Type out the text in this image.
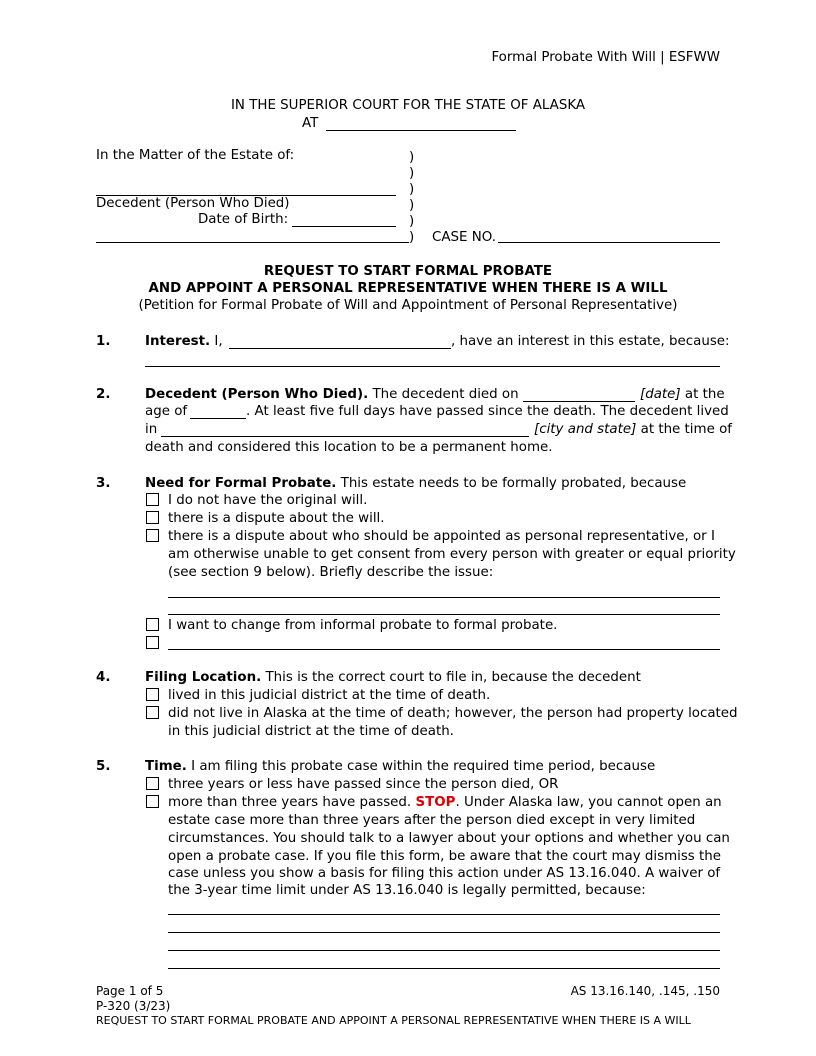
Formal Probate With Will | ESFWW
IN THE SUPERIOR COURT FOR THE STATE OF ALASKA
AT
In the Matter of the Estate of:	)
)
)
Decedent (Person Who Died)	)
Date of Birth:	)
) CASE NO.
REQUEST TO START FORMAL PROBATE
AND APPOINT A PERSONAL REPRESENTATIVE WHEN THERE IS A WILL
(Petition for Formal Probate of Will and Appointment of Personal Representative)
1.	Interest. I,	, have an interest in this estate, because:
2.	Decedent (Person Who Died). The decedent died on	[date] at the
age of	. At least five full days have passed since the death. The decedent lived
in	[city and state] at the time of
death and considered this location to be a permanent home.
3.	Need for Formal Probate. This estate needs to be formally probated, because
I do not have the original will.
there is a dispute about the will.
there is a dispute about who should be appointed as personal representative, or I
am otherwise unable to get consent from every person with greater or equal priority
(see section 9 below). Briefly describe the issue:
I want to change from informal probate to formal probate.
4.	Filing Location. This is the correct court to file in, because the decedent
lived in this judicial district at the time of death.
did not live in Alaska at the time of death; however, the person had property located
in this judicial district at the time of death.
5.	Time. I am filing this probate case within the required time period, because
three years or less have passed since the person died, OR
more than three years have passed. STOP. Under Alaska law, you cannot open an
estate case more than three years after the person died except in very limited
circumstances. You should talk to a lawyer about your options and whether you can
open a probate case. If you file this form, be aware that the court may dismiss the
case unless you show a basis for filing this action under AS 13.16.040. A waiver of
the 3-year time limit under AS 13.16.040 is legally permitted, because:
Page 1 of 5	AS 13.16.140, .145, .150
P-320 (3/23)
REQUEST TO START FORMAL PROBATE AND APPOINT A PERSONAL REPRESENTATIVE WHEN THERE IS A WILL
